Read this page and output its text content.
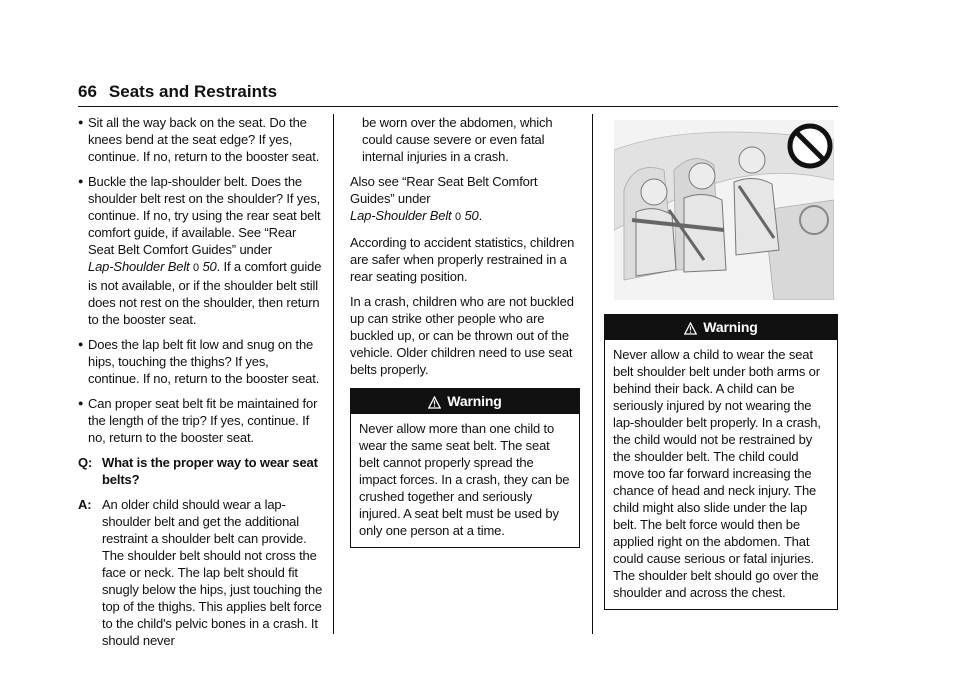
66 Seats and Restraints
● Sit all the way back on the seat. Do the knees bend at the seat edge? If yes, continue. If no, return to the booster seat.
● Buckle the lap-shoulder belt. Does the shoulder belt rest on the shoulder? If yes, continue. If no, try using the rear seat belt comfort guide, if available. See “Rear Seat Belt Comfort Guides” under
Lap-Shoulder Belt 0 50. If a comfort guide is not available, or if the shoulder belt still does not rest on the shoulder, then return to the booster seat.
● Does the lap belt fit low and snug on the hips, touching the thighs? If yes, continue. If no, return to the booster seat.
● Can proper seat belt fit be maintained for the length of the trip? If yes, continue. If no, return to the booster seat.
Q: What is the proper way to wear seat belts?
A: An older child should wear a lap-shoulder belt and get the additional restraint a shoulder belt can provide. The shoulder belt should not cross the face or neck. The lap belt should fit snugly below the hips, just touching the top of the thighs. This applies belt force to the child's pelvic bones in a crash. It should never

be worn over the abdomen, which could cause severe or even fatal internal injuries in a crash.

Also see “Rear Seat Belt Comfort Guides” under
Lap-Shoulder Belt 0 50.

According to accident statistics, children are safer when properly restrained in a rear seating position.

In a crash, children who are not buckled up can strike other people who are buckled up, or can be thrown out of the vehicle. Older children need to use seat belts properly.

Warning
Never allow more than one child to wear the same seat belt. The seat belt cannot properly spread the impact forces. In a crash, they can be crushed together and seriously injured. A seat belt must be used by only one person at a time.
Warning
Never allow a child to wear the seat belt shoulder belt under both arms or behind their back. A child can be seriously injured by not wearing the lap-shoulder belt properly. In a crash, the child would not be restrained by the shoulder belt. The child could move too far forward increasing the chance of head and neck injury. The child might also slide under the lap belt. The belt force would then be applied right on the abdomen. That could cause serious or fatal injuries. The shoulder belt should go over the shoulder and across the chest.
